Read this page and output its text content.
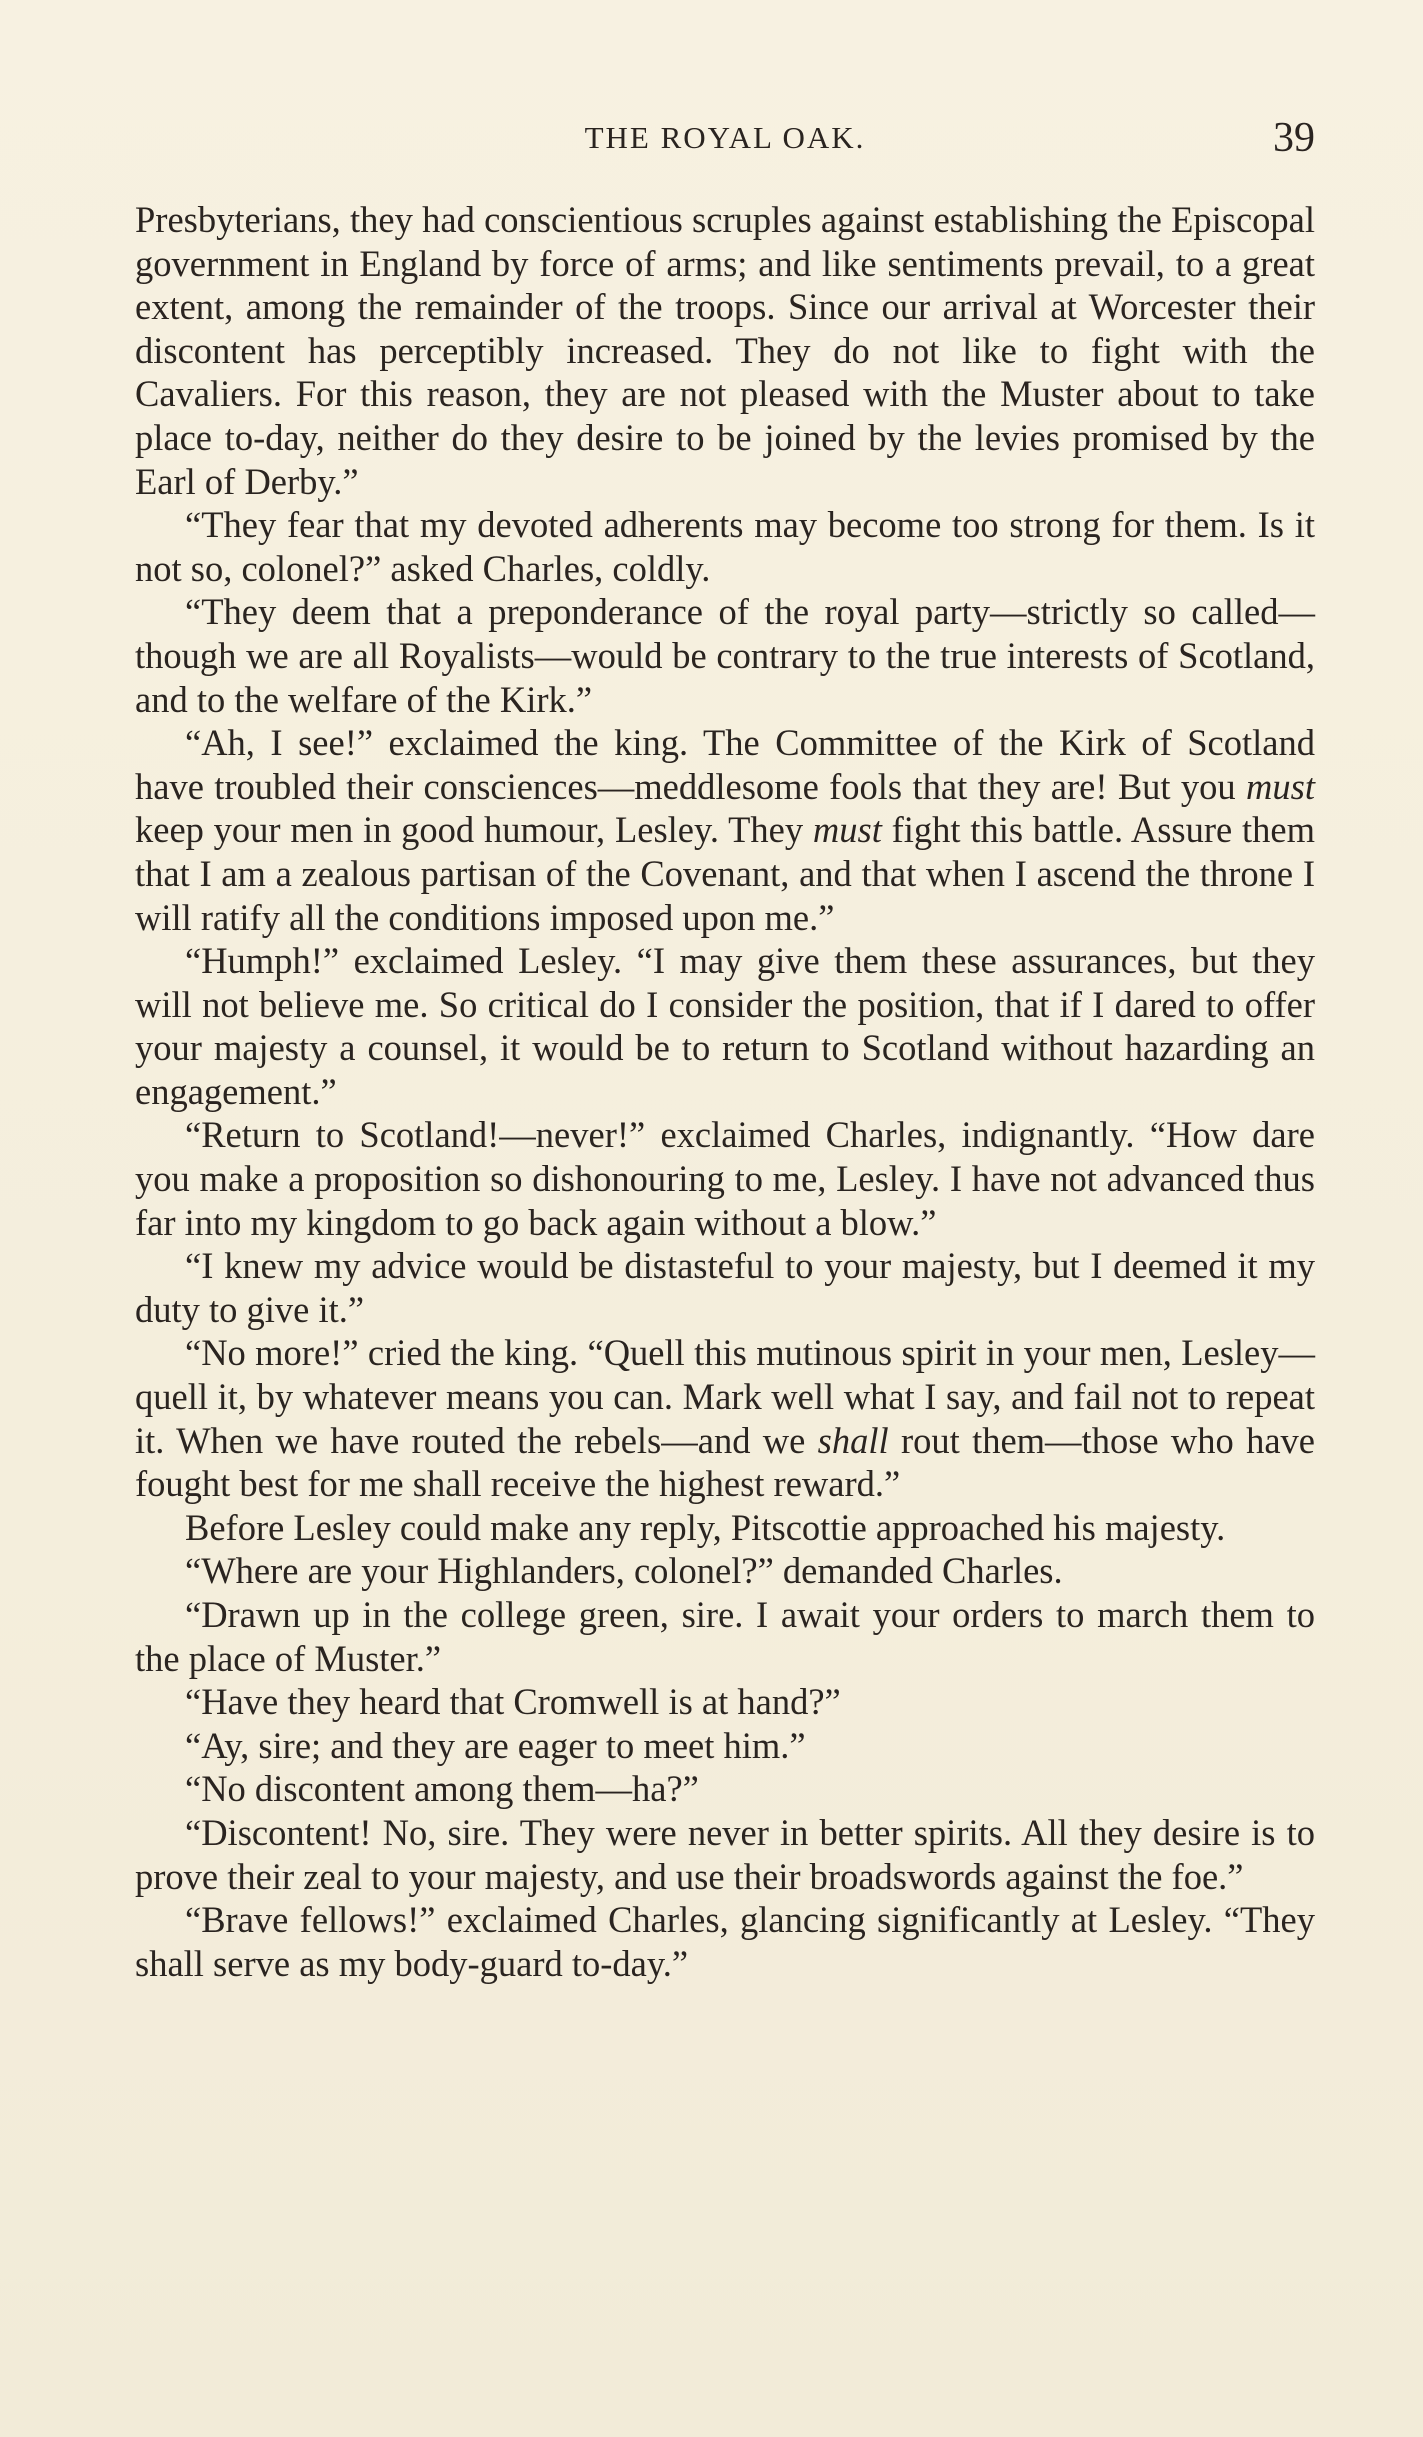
THE ROYAL OAK.	39

Presbyterians, they had conscientious scruples against establishing the Episcopal government in England by force of arms; and like sentiments prevail, to a great extent, among the remainder of the troops. Since our arrival at Worcester their discontent has perceptibly increased. They do not like to fight with the Cavaliers. For this reason, they are not pleased with the Muster about to take place to-day, neither do they desire to be joined by the levies promised by the Earl of Derby.”

“They fear that my devoted adherents may become too strong for them. Is it not so, colonel?” asked Charles, coldly.

“They deem that a preponderance of the royal party—strictly so called—though we are all Royalists—would be contrary to the true interests of Scotland, and to the welfare of the Kirk.”

“Ah, I see!” exclaimed the king. The Committee of the Kirk of Scotland have troubled their consciences—meddlesome fools that they are! But you must keep your men in good humour, Lesley. They must fight this battle. Assure them that I am a zealous partisan of the Covenant, and that when I ascend the throne I will ratify all the conditions imposed upon me.”

“Humph!” exclaimed Lesley. “I may give them these assurances, but they will not believe me. So critical do I consider the position, that if I dared to offer your majesty a counsel, it would be to return to Scotland without hazarding an engagement.”

“Return to Scotland!—never!” exclaimed Charles, indignantly. “How dare you make a proposition so dishonouring to me, Lesley. I have not advanced thus far into my kingdom to go back again without a blow.”

“I knew my advice would be distasteful to your majesty, but I deemed it my duty to give it.”

“No more!” cried the king. “Quell this mutinous spirit in your men, Lesley—quell it, by whatever means you can. Mark well what I say, and fail not to repeat it. When we have routed the rebels—and we shall rout them—those who have fought best for me shall receive the highest reward.”

Before Lesley could make any reply, Pitscottie approached his majesty.

“Where are your Highlanders, colonel?” demanded Charles.

“Drawn up in the college green, sire. I await your orders to march them to the place of Muster.”

“Have they heard that Cromwell is at hand?”

“Ay, sire; and they are eager to meet him.”

“No discontent among them—ha?”

“Discontent! No, sire. They were never in better spirits. All they desire is to prove their zeal to your majesty, and use their broadswords against the foe.”

“Brave fellows!” exclaimed Charles, glancing significantly at Lesley. “They shall serve as my body-guard to-day.”
